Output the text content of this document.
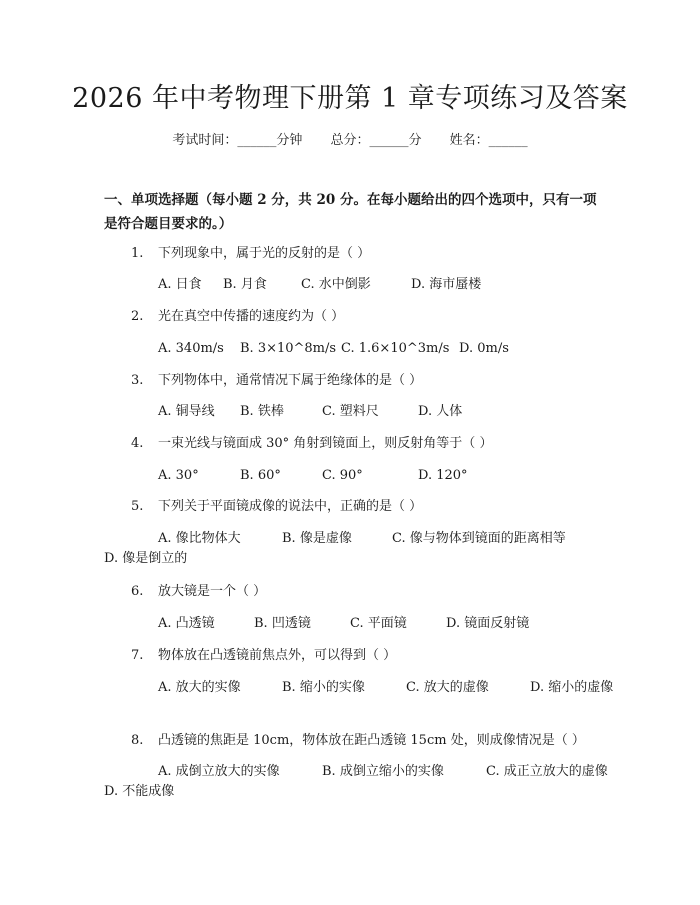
2026 年中考物理下册第 1 章专项练习及答案
考试时间：______分钟 总分：______分 姓名：______
一、单项选择题（每小题 2 分，共 20 分。在每小题给出的四个选项中，只有一项是符合题目要求的。）
1. 下列现象中，属于光的反射的是（ ）
A. 日食 B. 月食	C. 水中倒影	D. 海市蜃楼
2. 光在真空中传播的速度约为（ ）
A. 340m/s B. 3×10^8m/s C. 1.6×10^3m/s D. 0m/s
3. 下列物体中，通常情况下属于绝缘体的是（ ）
A. 铜导线 B. 铁棒	C. 塑料尺	D. 人体
4. 一束光线与镜面成 30° 角射到镜面上，则反射角等于（ ）
A. 30°	B. 60°	C. 90°	D. 120°
5. 下列关于平面镜成像的说法中，正确的是（ ）
A. 像比物体大	B. 像是虚像	C. 像与物体到镜面的距离相等
D. 像是倒立的
6. 放大镜是一个（ ）
A. 凸透镜	B. 凹透镜	C. 平面镜	D. 镜面反射镜
7. 物体放在凸透镜前焦点外，可以得到（ ）
A. 放大的实像	B. 缩小的实像	C. 放大的虚像	D. 缩小的虚像
8. 凸透镜的焦距是 10cm，物体放在距凸透镜 15cm 处，则成像情况是（ ）
A. 成倒立放大的实像	B. 成倒立缩小的实像	C. 成正立放大的虚像
D. 不能成像
